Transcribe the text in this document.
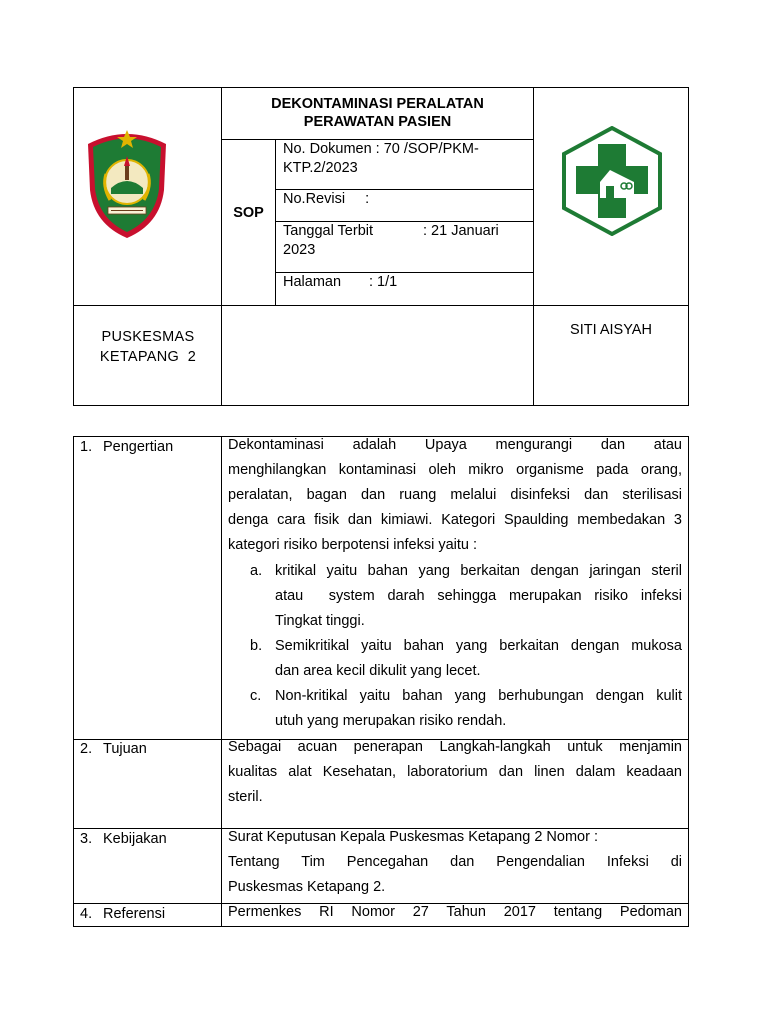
DEKONTAMINASI PERALATAN
PERAWATAN PASIEN
SOP
No. Dokumen : 70 /SOP/PKM-
KTP.2/2023
No.Revisi     :
Tanggal Terbit	: 21 Januari
2023
Halaman : 1/1
PUSKESMAS
KETAPANG  2
SITI AISYAH
1. Pengertian	Dekontaminasi adalah Upaya mengurangi dan atau
menghilangkan kontaminasi oleh mikro organisme pada orang,
peralatan, bagan dan ruang melalui disinfeksi dan sterilisasi
denga cara fisik dan kimiawi. Kategori Spaulding membedakan 3
kategori risiko berpotensi infeksi yaitu :
a. kritikal yaitu bahan yang berkaitan dengan jaringan steril
atau  system darah sehingga merupakan risiko infeksi
Tingkat tinggi.
b. Semikritikal yaitu bahan yang berkaitan dengan mukosa
dan area kecil dikulit yang lecet.
c. Non-kritikal yaitu bahan yang berhubungan dengan kulit
utuh yang merupakan risiko rendah.
2. Tujuan	Sebagai acuan penerapan Langkah-langkah untuk menjamin
kualitas alat Kesehatan, laboratorium dan linen dalam keadaan
steril.
3. Kebijakan	Surat Keputusan Kepala Puskesmas Ketapang 2 Nomor :
Tentang Tim Pencegahan dan Pengendalian Infeksi di
Puskesmas Ketapang 2.
4. Referensi	Permenkes RI Nomor 27 Tahun 2017 tentang Pedoman
